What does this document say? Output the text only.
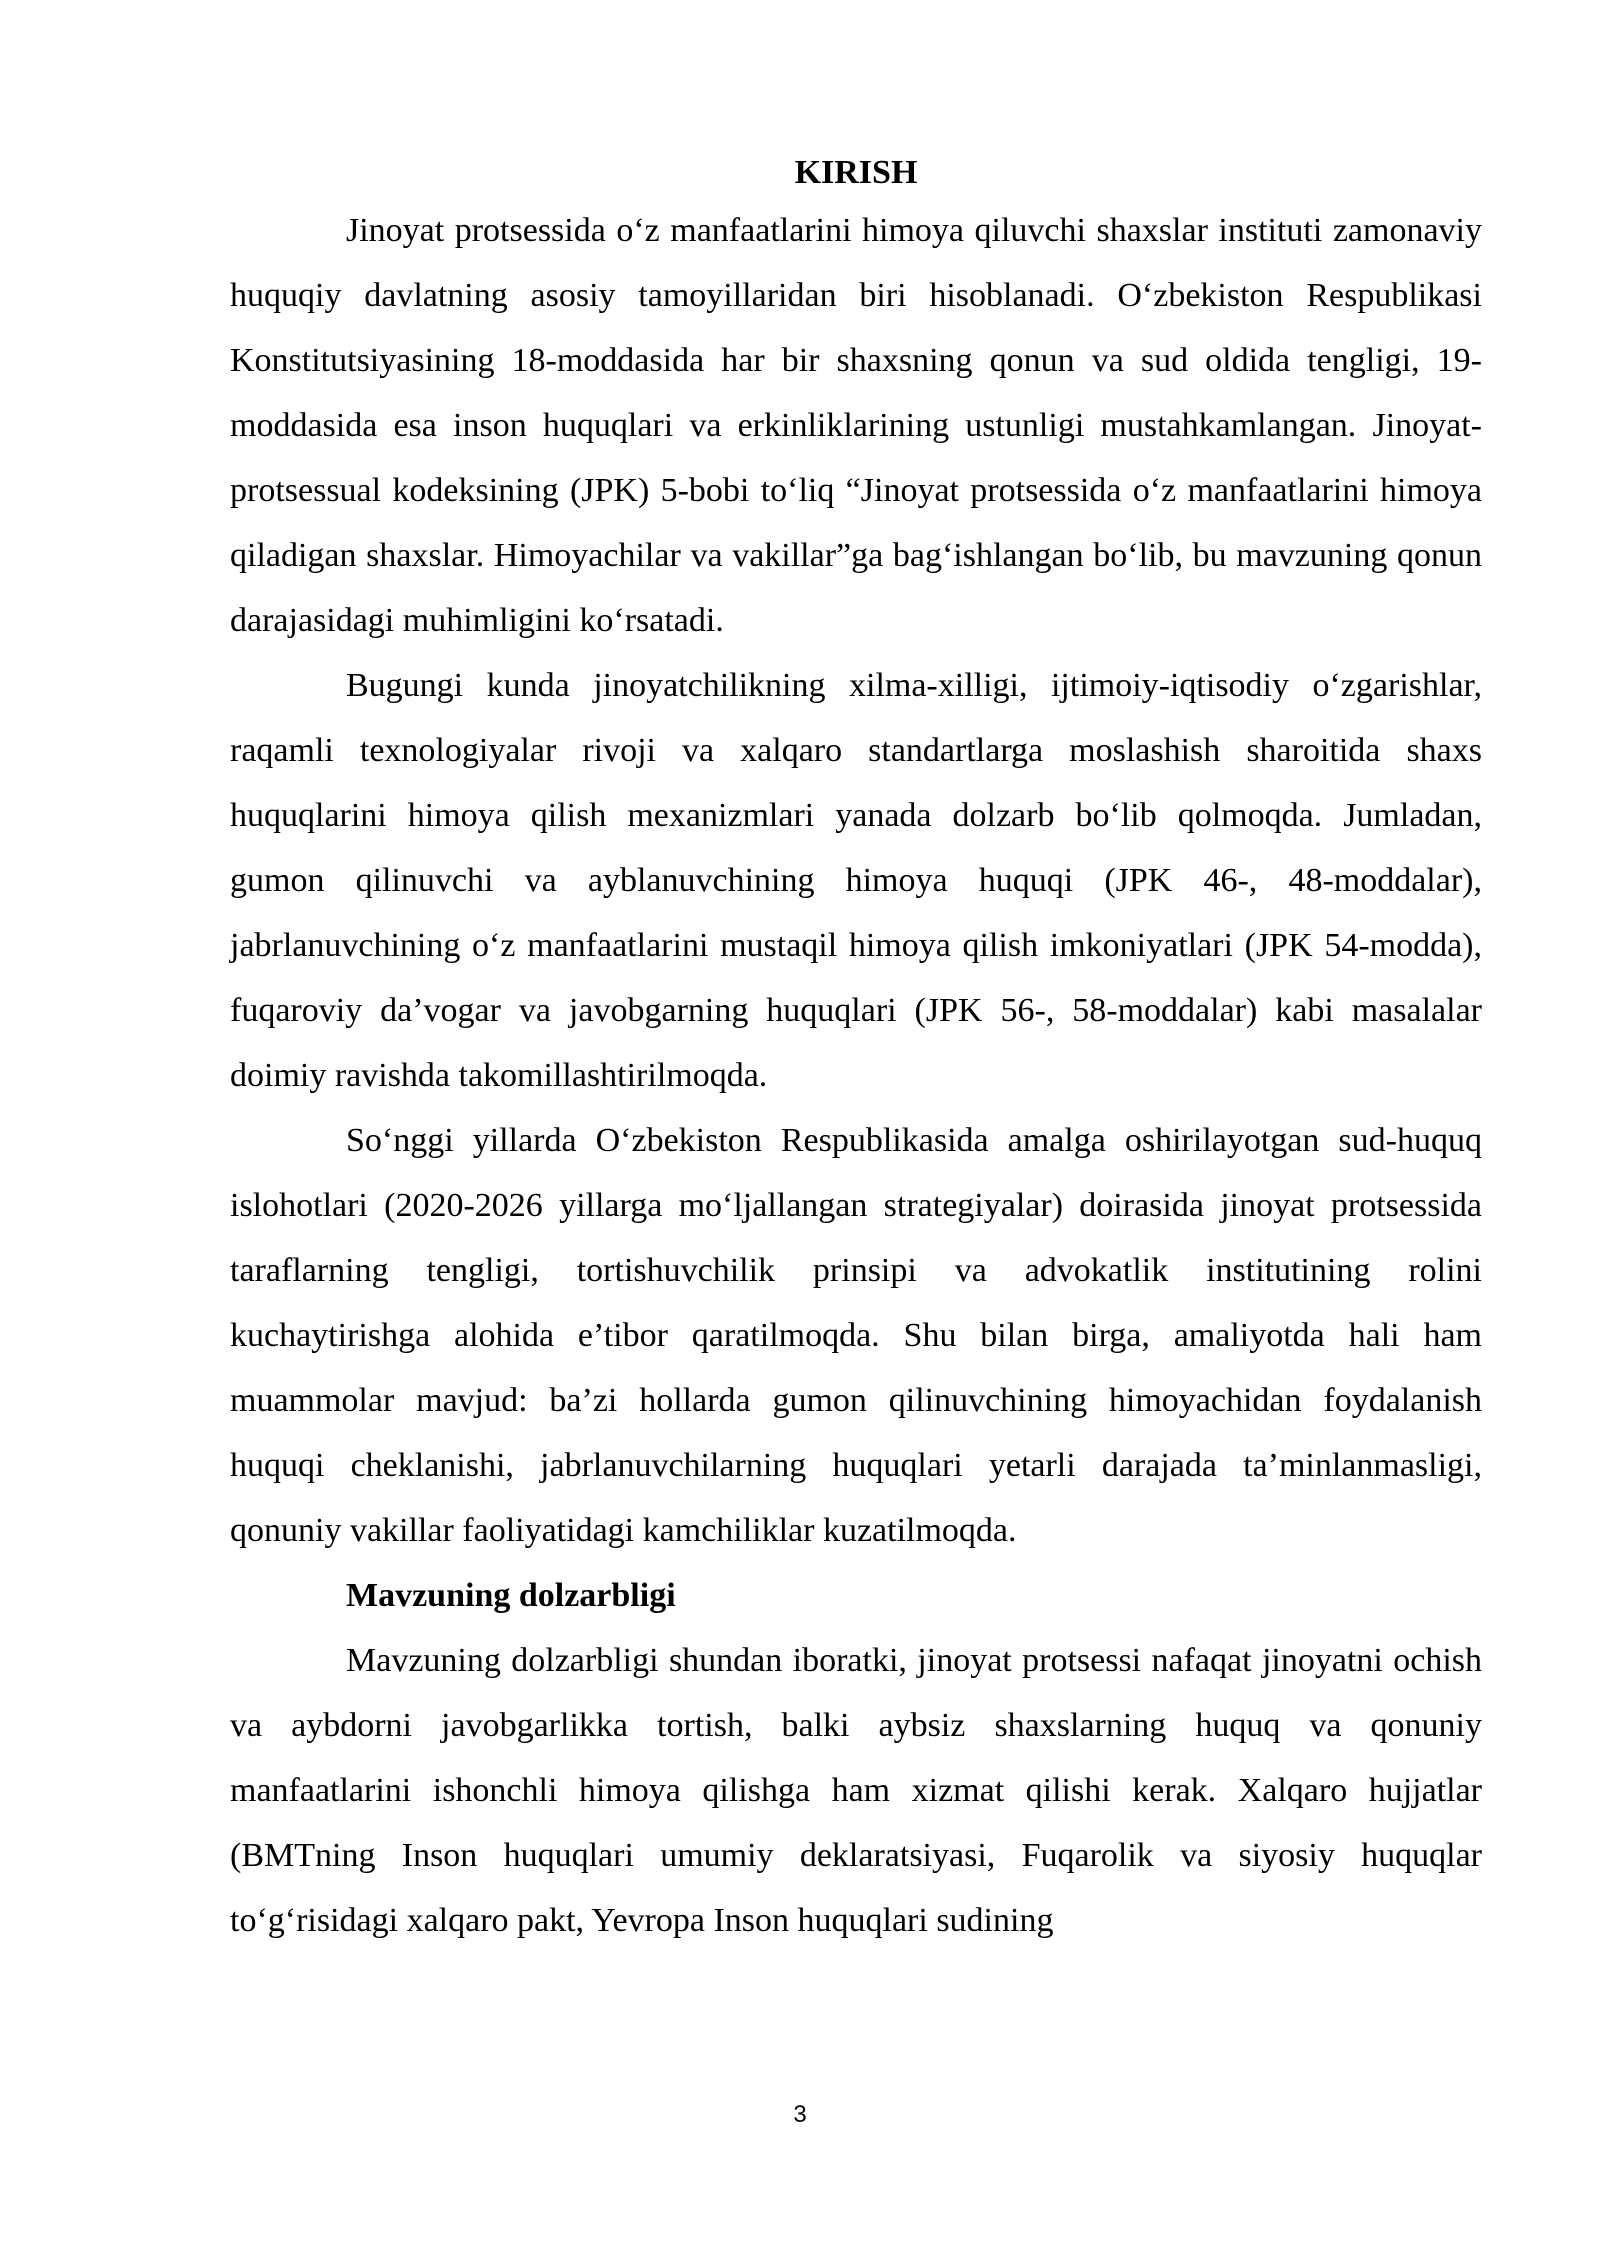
KIRISH

Jinoyat protsessida o‘z manfaatlarini himoya qiluvchi shaxslar instituti zamonaviy huquqiy davlatning asosiy tamoyillaridan biri hisoblanadi. O‘zbekiston Respublikasi Konstitutsiyasining 18-moddasida har bir shaxsning qonun va sud oldida tengligi, 19-moddasida esa inson huquqlari va erkinliklarining ustunligi mustahkamlangan. Jinoyat-protsessual kodeksining (JPK) 5-bobi to‘liq “Jinoyat protsessida o‘z manfaatlarini himoya qiladigan shaxslar. Himoyachilar va vakillar”ga bag‘ishlangan bo‘lib, bu mavzuning qonun darajasidagi muhimligini ko‘rsatadi.

Bugungi kunda jinoyatchilikning xilma-xilligi, ijtimoiy-iqtisodiy o‘zgarishlar, raqamli texnologiyalar rivoji va xalqaro standartlarga moslashish sharoitida shaxs huquqlarini himoya qilish mexanizmlari yanada dolzarb bo‘lib qolmoqda. Jumladan, gumon qilinuvchi va ayblanuvchining himoya huquqi (JPK 46-, 48-moddalar), jabrlanuvchining o‘z manfaatlarini mustaqil himoya qilish imkoniyatlari (JPK 54-modda), fuqaroviy da’vogar va javobgarning huquqlari (JPK 56-, 58-moddalar) kabi masalalar doimiy ravishda takomillashtirilmoqda.

So‘nggi yillarda O‘zbekiston Respublikasida amalga oshirilayotgan sud-huquq islohotlari (2020-2026 yillarga mo‘ljallangan strategiyalar) doirasida jinoyat protsessida taraflarning tengligi, tortishuvchilik prinsipi va advokatlik institutining rolini kuchaytirishga alohida e’tibor qaratilmoqda. Shu bilan birga, amaliyotda hali ham muammolar mavjud: ba’zi hollarda gumon qilinuvchining himoyachidan foydalanish huquqi cheklanishi, jabrlanuvchilarning huquqlari yetarli darajada ta’minlanmasligi, qonuniy vakillar faoliyatidagi kamchiliklar kuzatilmoqda.

Mavzuning dolzarbligi

Mavzuning dolzarbligi shundan iboratki, jinoyat protsessi nafaqat jinoyatni ochish va aybdorni javobgarlikka tortish, balki aybsiz shaxslarning huquq va qonuniy manfaatlarini ishonchli himoya qilishga ham xizmat qilishi kerak. Xalqaro hujjatlar (BMTning Inson huquqlari umumiy deklaratsiyasi, Fuqarolik va siyosiy huquqlar to‘g‘risidagi xalqaro pakt, Yevropa Inson huquqlari sudining

3
